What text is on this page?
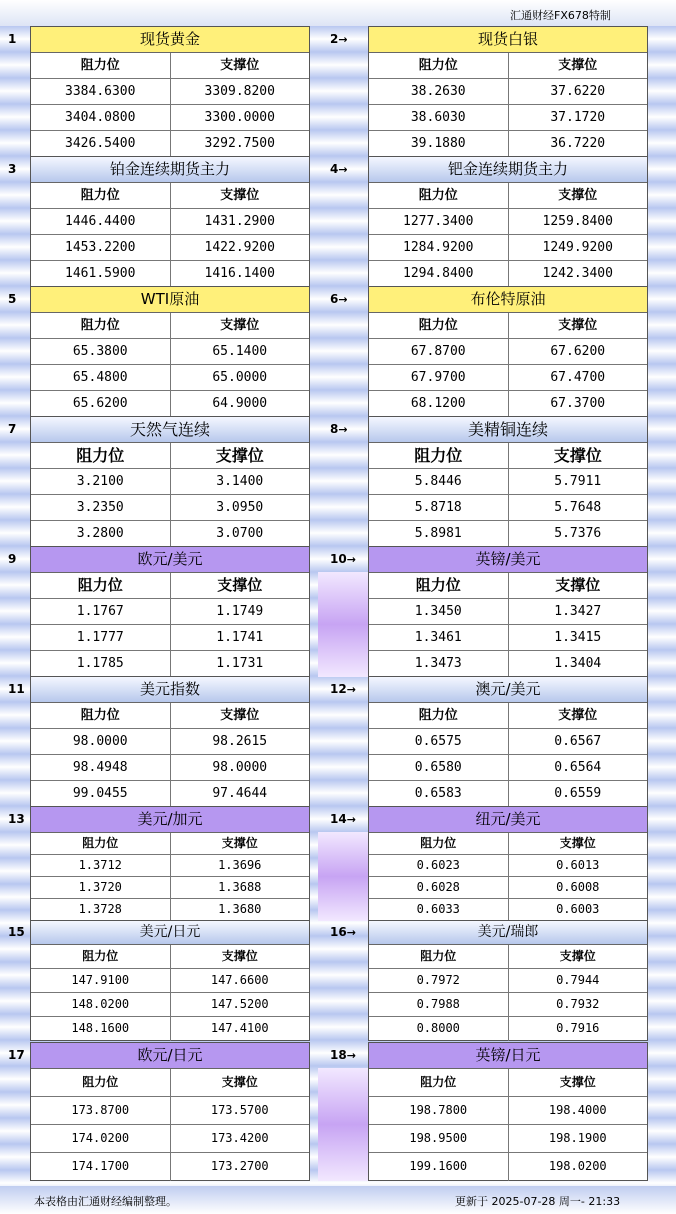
汇通财经FX678特制
1	现货黄金
阻力位	支撑位
3384.6300	3309.8200
3404.0800	3300.0000
3426.5400	3292.7500
2→	现货白银
阻力位	支撑位
38.2630	37.6220
38.6030	37.1720
39.1880	36.7220
3	铂金连续期货主力
阻力位	支撑位
1446.4400	1431.2900
1453.2200	1422.9200
1461.5900	1416.1400
4→	钯金连续期货主力
阻力位	支撑位
1277.3400	1259.8400
1284.9200	1249.9200
1294.8400	1242.3400
5	WTI原油
阻力位	支撑位
65.3800	65.1400
65.4800	65.0000
65.6200	64.9000
6→	布伦特原油
阻力位	支撑位
67.8700	67.6200
67.9700	67.4700
68.1200	67.3700
7	天然气连续
阻力位	支撑位
3.2100	3.1400
3.2350	3.0950
3.2800	3.0700
8→	美精铜连续
阻力位	支撑位
5.8446	5.7911
5.8718	5.7648
5.8981	5.7376
9	欧元/美元
阻力位	支撑位
1.1767	1.1749
1.1777	1.1741
1.1785	1.1731
10→	英镑/美元
阻力位	支撑位
1.3450	1.3427
1.3461	1.3415
1.3473	1.3404
11	美元指数
阻力位	支撑位
98.0000	98.2615
98.4948	98.0000
99.0455	97.4644
12→	澳元/美元
阻力位	支撑位
0.6575	0.6567
0.6580	0.6564
0.6583	0.6559
13	美元/加元
阻力位	支撑位
1.3712	1.3696
1.3720	1.3688
1.3728	1.3680
14→	纽元/美元
阻力位	支撑位
0.6023	0.6013
0.6028	0.6008
0.6033	0.6003
15	美元/日元
阻力位	支撑位
147.9100	147.6600
148.0200	147.5200
148.1600	147.4100
16→	美元/瑞郎
阻力位	支撑位
0.7972	0.7944
0.7988	0.7932
0.8000	0.7916
17	欧元/日元
阻力位	支撑位
173.8700	173.5700
174.0200	173.4200
174.1700	173.2700
18→	英镑/日元
阻力位	支撑位
198.7800	198.4000
198.9500	198.1900
199.1600	198.0200
本表格由汇通财经编制整理。	更新于 2025-07-28 周一- 21:33
